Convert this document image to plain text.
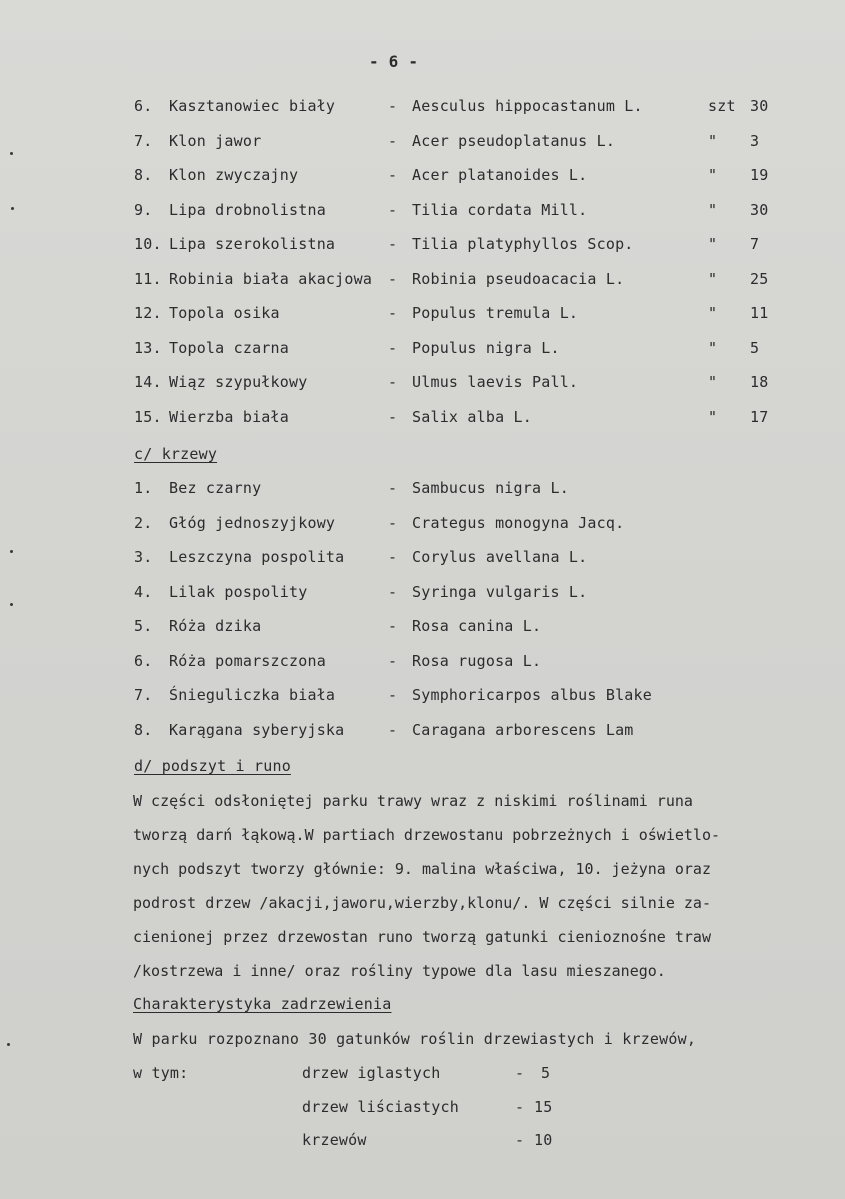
- 6 -
6. Kasztanowiec biały	- Aesculus hippocastanum L.	szt 30
7. Klon jawor	- Acer pseudoplatanus L.	" 3
8. Klon zwyczajny	- Acer platanoides L.	" 19
9. Lipa drobnolistna	- Tilia cordata Mill.	" 30
10. Lipa szerokolistna	- Tilia platyphyllos Scop.	" 7
11. Robinia biała akacjowa - Robinia pseudoacacia L.	" 25
12. Topola osika	- Populus tremula L.	" 11
13. Topola czarna	- Populus nigra L.	" 5
14. Wiąz szypułkowy	- Ulmus laevis Pall.	" 18
15. Wierzba biała	- Salix alba L.	" 17
c/ krzewy
1. Bez czarny	- Sambucus nigra L.
2. Głóg jednoszyjkowy	- Crategus monogyna Jacq.
3. Leszczyna pospolita	- Corylus avellana L.
4. Lilak pospolity	- Syringa vulgaris L.
5. Róża dzika	- Rosa canina L.
6. Róża pomarszczona	- Rosa rugosa L.
7. Śnieguliczka biała	- Symphoricarpos albus Blake
8. Karągana syberyjska	- Caragana arborescens Lam
d/ podszyt i runo
W części odsłoniętej parku trawy wraz z niskimi roślinami runa
tworzą darń łąkową.W partiach drzewostanu pobrzeżnych i oświetlo-
nych podszyt tworzy głównie: 9. malina właściwa, 10. jeżyna oraz
podrost drzew /akacji,jaworu,wierzby,klonu/. W części silnie za-
cienionej przez drzewostan runo tworzą gatunki cienioznośne traw
/kostrzewa i inne/ oraz rośliny typowe dla lasu mieszanego.
Charakterystyka zadrzewienia
W parku rozpoznano 30 gatunków roślin drzewiastych i krzewów,
w tym:	drzew iglastych	- 5
drzew liściastych	- 15
krzewów	- 10
